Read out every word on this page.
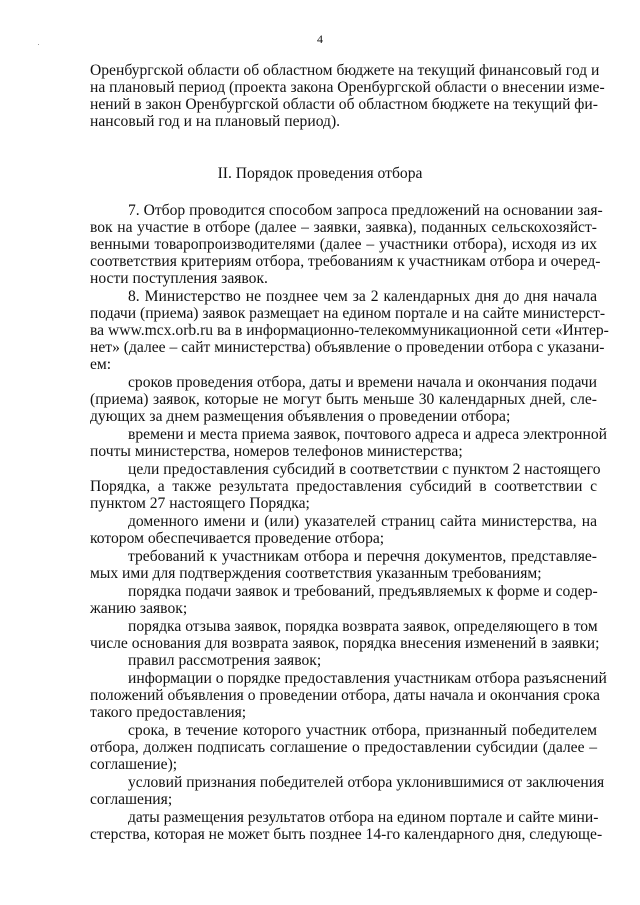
4
II. Порядок проведения отбора
Оренбургской области об областном бюджете на текущий финансовый год и
на плановый период (проекта закона Оренбургской области о внесении изме-
нений в закон Оренбургской области об областном бюджете на текущий фи-
нансовый год и на плановый период).
7. Отбор проводится способом запроса предложений на основании зая-
вок на участие в отборе (далее – заявки, заявка), поданных сельскохозяйст-
венными товаропроизводителями (далее – участники отбора), исходя из их
соответствия критериям отбора, требованиям к участникам отбора и очеред-
ности поступления заявок.
8. Министерство не позднее чем за 2 календарных дня до дня начала
подачи (приема) заявок размещает на едином портале и на сайте министерст-
ва www.mcx.orb.ru ва в информационно-телекоммуникационной сети «Интер-
нет» (далее – сайт министерства) объявление о проведении отбора с указани-
ем:
сроков проведения отбора, даты и времени начала и окончания подачи
(приема) заявок, которые не могут быть меньше 30 календарных дней, сле-
дующих за днем размещения объявления о проведении отбора;
времени и места приема заявок, почтового адреса и адреса электронной
почты министерства, номеров телефонов министерства;
цели предоставления субсидий в соответствии с пунктом 2 настоящего
Порядка, а также результата предоставления субсидий в соответствии с
пунктом 27 настоящего Порядка;
доменного имени и (или) указателей страниц сайта министерства, на
котором обеспечивается проведение отбора;
требований к участникам отбора и перечня документов, представляе-
мых ими для подтверждения соответствия указанным требованиям;
порядка подачи заявок и требований, предъявляемых к форме и содер-
жанию заявок;
порядка отзыва заявок, порядка возврата заявок, определяющего в том
числе основания для возврата заявок, порядка внесения изменений в заявки;
правил рассмотрения заявок;
информации о порядке предоставления участникам отбора разъяснений
положений объявления о проведении отбора, даты начала и окончания срока
такого предоставления;
срока, в течение которого участник отбора, признанный победителем
отбора, должен подписать соглашение о предоставлении субсидии (далее –
соглашение);
условий признания победителей отбора уклонившимися от заключения
соглашения;
даты размещения результатов отбора на едином портале и сайте мини-
стерства, которая не может быть позднее 14-го календарного дня, следующе-
